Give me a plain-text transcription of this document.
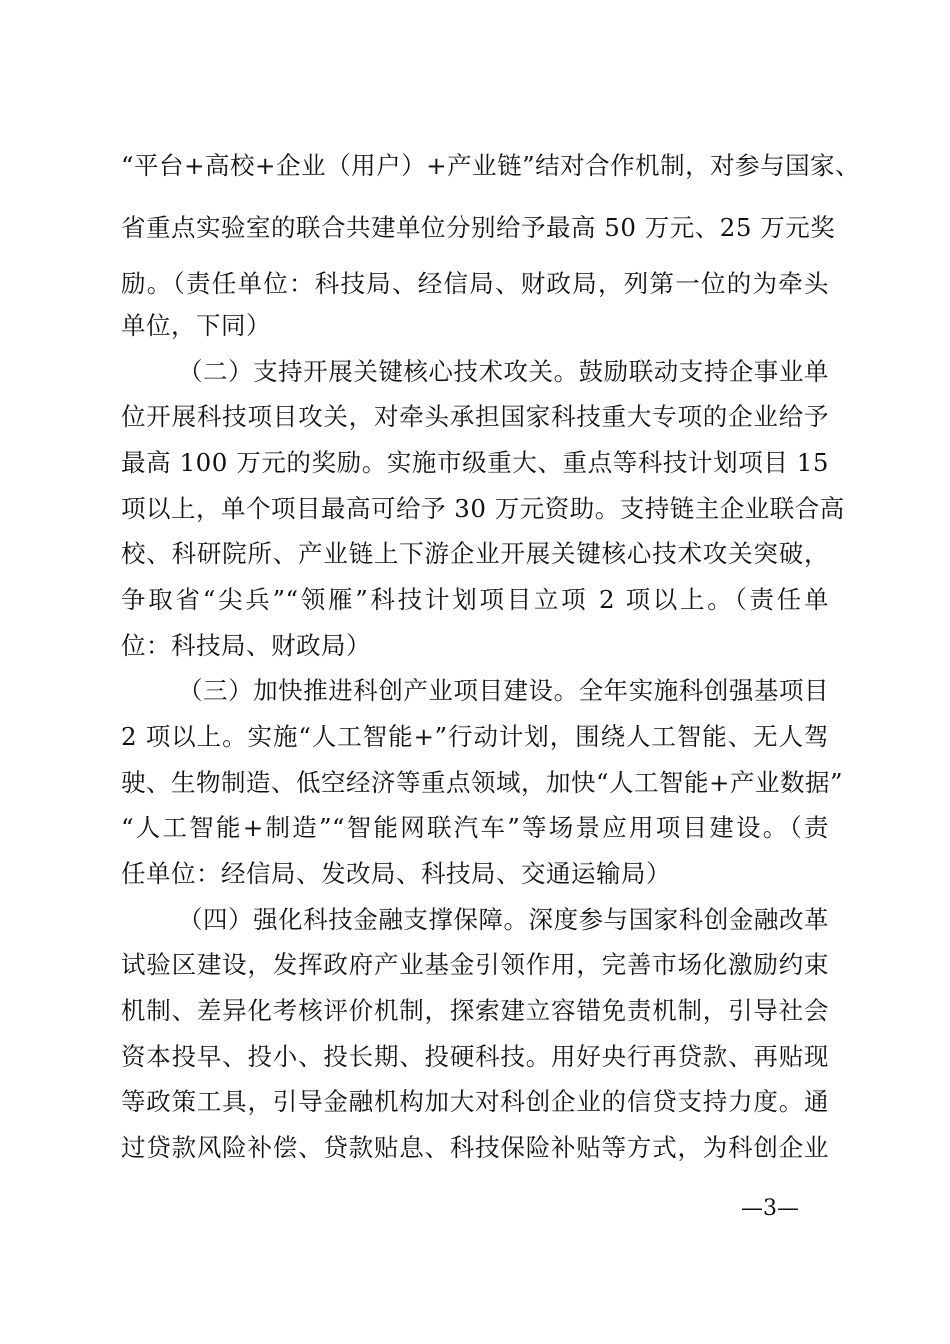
“平台+高校+企业（用户）+产业链”结对合作机制，对参与国家、
省重点实验室的联合共建单位分别给予最高 50 万元、25 万元奖
励。（责任单位：科技局、经信局、财政局，列第一位的为牵头
单位，下同）
（二）支持开展关键核心技术攻关。鼓励联动支持企事业单
位开展科技项目攻关，对牵头承担国家科技重大专项的企业给予
最高 100 万元的奖励。实施市级重大、重点等科技计划项目 15
项以上，单个项目最高可给予 30 万元资助。支持链主企业联合高
校、科研院所、产业链上下游企业开展关键核心技术攻关突破，
争取省“尖兵”“领雁”科技计划项目立项 2 项以上。（责任单
位：科技局、财政局）
（三）加快推进科创产业项目建设。全年实施科创强基项目
2 项以上。实施“人工智能+”行动计划，围绕人工智能、无人驾
驶、生物制造、低空经济等重点领域，加快“人工智能+产业数据”
“人工智能+制造”“智能网联汽车”等场景应用项目建设。（责
任单位：经信局、发改局、科技局、交通运输局）
（四）强化科技金融支撑保障。深度参与国家科创金融改革
试验区建设，发挥政府产业基金引领作用，完善市场化激励约束
机制、差异化考核评价机制，探索建立容错免责机制，引导社会
资本投早、投小、投长期、投硬科技。用好央行再贷款、再贴现
等政策工具，引导金融机构加大对科创企业的信贷支持力度。通
过贷款风险补偿、贷款贴息、科技保险补贴等方式，为科创企业
—3—
